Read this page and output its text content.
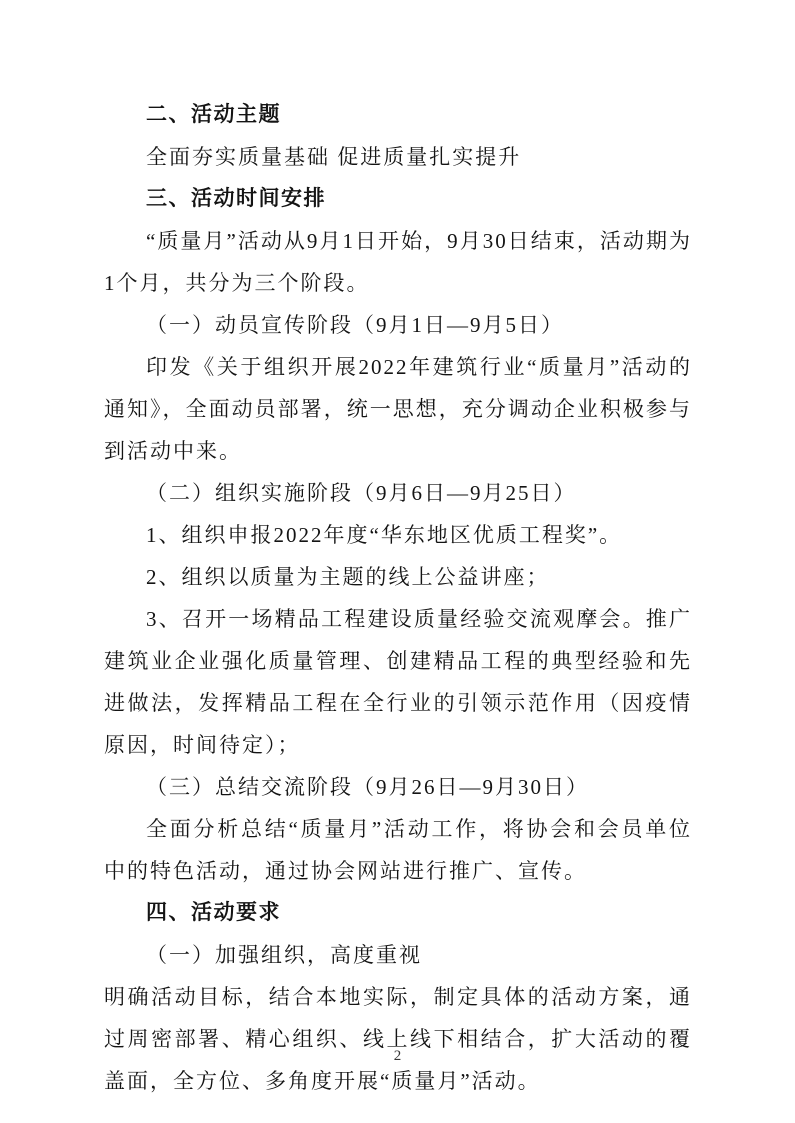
二、活动主题

全面夯实质量基础 促进质量扎实提升

三、活动时间安排

“质量月”活动从9月1日开始，9月30日结束，活动期为1个月，共分为三个阶段。

（一）动员宣传阶段（9月1日—9月5日）

印发《关于组织开展2022年建筑行业“质量月”活动的通知》，全面动员部署，统一思想，充分调动企业积极参与到活动中来。

（二）组织实施阶段（9月6日—9月25日）

1、组织申报2022年度“华东地区优质工程奖”。

2、组织以质量为主题的线上公益讲座；

3、召开一场精品工程建设质量经验交流观摩会。推广建筑业企业强化质量管理、创建精品工程的典型经验和先进做法，发挥精品工程在全行业的引领示范作用（因疫情原因，时间待定）；

（三）总结交流阶段（9月26日—9月30日）

全面分析总结“质量月”活动工作，将协会和会员单位中的特色活动，通过协会网站进行推广、宣传。

四、活动要求

（一）加强组织，高度重视

明确活动目标，结合本地实际，制定具体的活动方案，通过周密部署、精心组织、线上线下相结合，扩大活动的覆盖面，全方位、多角度开展“质量月”活动。

2
